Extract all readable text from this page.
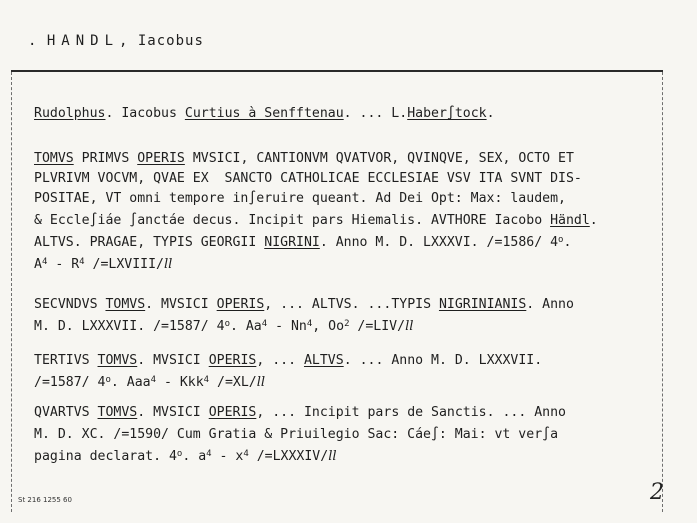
. HANDL, Iacobus
Rudolphus. Iacobus Curtius à Senfftenau. ... L.Haber∫tock.
TOMVS PRIMVS OPERIS MVSICI, CANTIONVM QVATVOR, QVINQVE, SEX, OCTO ET
PLVRIVM VOCVM, QVAE EX  SANCTO CATHOLICAE ECCLESIAE VSV ITA SVNT DIS-
POSITAE, VT omni tempore in∫eruire queant. Ad Dei Opt: Max: laudem,
& Eccle∫iáe ∫anctáe decus. Incipit pars Hiemalis. AVTHORE Iacobo Händl.
ALTVS. PRAGAE, TYPIS GEORGII NIGRINI. Anno M. D. LXXXVI. /=1586/ 4$^o$.
$A^4 - R^4$ /=LXVIII/ll
SECVNDVS TOMVS. MVSICI OPERIS, ... ALTVS. ...TYPIS NIGRINIANIS. Anno
M. D. LXXXVII. /=1587/ 4$^o$. Aa$^4$ - Nn$^4$, Oo$^2$ /=LIV/ll
TERTIVS TOMVS. MVSICI OPERIS, ... ALTVS. ... Anno M. D. LXXXVII.
/=1587/ 4$^o$. Aaa$^4$ - Kkk$^4$ /=XL/ll
QVARTVS TOMVS. MVSICI OPERIS, ... Incipit pars de Sanctis. ... Anno
M. D. XC. /=1590/ Cum Gratia & Priuilegio Sac: Cáe∫: Mai: vt ver∫a
pagina declarat. 4$^o$. $a^4 - x^4$ /=LXXXIV/ll
St 216 1255 60	2
